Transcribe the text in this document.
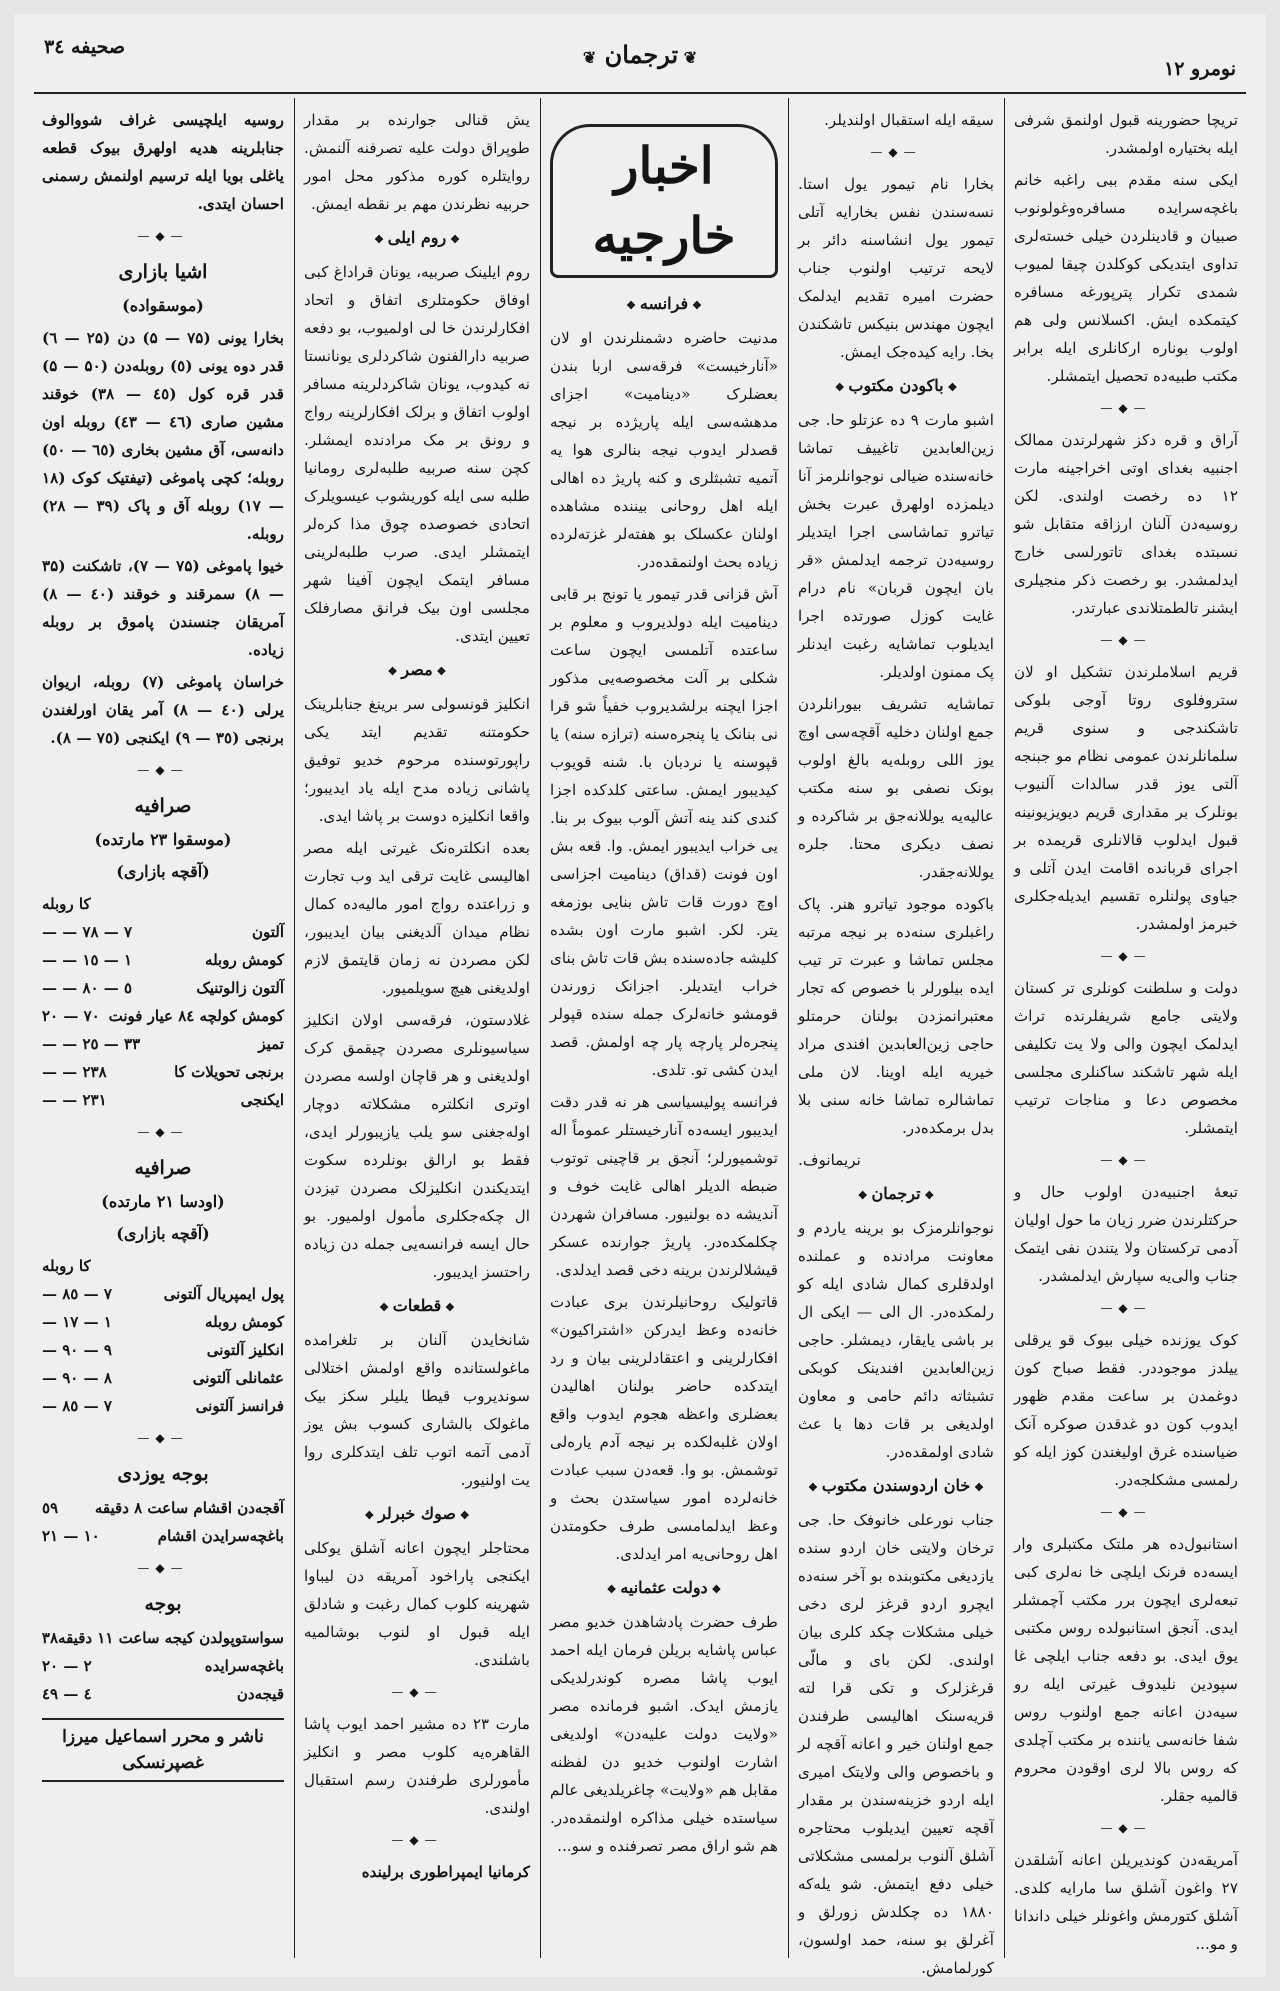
نومرو ۱۲
❦ ترجمان ❦
صحیفه ۳٤

تریچا حضورینه قبول اولنمق شرفی ایله بختیاره اولمشدر.

ایکی سنه مقدم ببی راغبه خانم باغچه‌سرایده مسافره‌وغولونوب صبیان و قادینلردن خیلی خسته‌لری تداوی ایتدیکی کوکلدن چیقا لمیوب شمدی تکرار پترپورغه مسافره کیتمکده ایش. اکسلانس ولی هم اولوب بوناره ارکانلری ایله برابر مکتب طبیه‌ده تحصیل ایتمشلر.

—◆—

آراق و قره دکز شهرلرندن ممالک اجنبیه بغدای اوتی اخراجینه مارت ۱۲ ده رخصت اولندی. لکن روسیه‌دن آلنان ارزاقه متقابل شو نسبتده بغدای تاتورلسی خارج ایدلمشدر. بو رخصت ذکر منجیلری ایشنر تالطمتلاندی عبارتدر.

—◆—

قریم اسلاملرندن تشکیل او لان ستروفلوی روتا آوجی بلوکی تاشکندجی و سنوی قریم سلمانلرندن عمومی نظام مو جبنجه آلتی یوز قدر سالدات آلنیوب بونلرک بر مقداری قریم دیویزیونینه قبول ایدلوب قالانلری قریمده بر اجرای قربانده اقامت ایدن آتلی و جیاوی پولنلره تقسیم ایدیله‌جکلری خبرمز اولمشدر.

—◆—

دولت و سلطنت کونلری تر کستان ولایتی جامع شریفلرنده تراث ایدلمک ایچون والی ولا یت تکلیفی ایله شهر تاشکند ساکنلری مجلسی مخصوص دعا و مناجات ترتیب ایتمشلر.

—◆—

تبعهٔ اجنبیه‌دن اولوب حال و حرکتلرندن ضرر زیان ما حول اولیان آدمی ترکستان ولا یتندن نفی ایتمک جناب والی‌یه سپارش ایدلمشدر.

—◆—

کوک یوزنده خیلی بیوک قو یرقلی ییلدز موجوددر. فقط صباح کون دوغمدن بر ساعت مقدم ظهور ایدوب کون دو غدقدن صوکره آنک ضیاسنده غرق اولیغندن کوز ایله کو رلمسی مشکلجه‌در.

—◆—

استانبول‌ده هر ملتک مکتبلری وار ایسه‌ده فرنک ایلچی خا نه‌لری کبی تبعه‌لری ایچون برر مکتب آچمشلر ایدی. آنجق استانبولده روس مکتبی یوق ایدی. بو دفعه جناب ایلچی غا سپودین نلیدوف غیرتی ایله رو سیه‌دن اعانه جمع اولنوب روس شفا خانه‌سی یاننده بر مکتب آچلدی که روس بالا لری اوقودن محروم قالمیه جقلر.

—◆—

آمریقه‌دن کوندیریلن اعانه آشلقدن ۲۷ واغون آشلق سا مارایه کلدی. آشلق کتورمش واغونلر خیلی داندانا و مو...

سیقه ایله استقبال اولندیلر.

—◆—

بخارا نام تیمور یول استا. نسه‌سندن نفس بخارایه آتلی تیمور یول انشاسنه دائر بر لایحه ترتیب اولنوب جناب حضرت امیره تقدیم ایدلمک ایچون مهندس بنیکس تاشکندن بخا. رایه کیده‌جک ایمش.

❖ باکودن مکتوب ❖

اشبو مارت ۹ ده عزتلو حا. جی زین‌العابدین تاغییف تماشا خانه‌سنده ضیالی نوجوانلرمز آنا دیلمزده اولهرق عبرت بخش تیاترو تماشاسی اجرا ایتدیلر روسیه‌دن ترجمه ایدلمش «قر بان ایچون قربان» نام درام غایت کوزل صورتده اجرا ایدیلوب تماشایه رغبت ایدنلر پک ممنون اولدیلر.

تماشایه تشریف بیورانلردن جمع اولنان دخلیه آقچه‌سی اوچ یوز اللی روبله‌یه بالغ اولوب بونک نصفی بو سنه مکتب عالیه‌یه یوللانه‌جق بر شاکرده و نصف دیکری محتا. جلره یوللانه‌جقدر.

باکوده موجود تیاترو هنر. پاک راغبلری سنه‌ده بر نیجه مرتبه مجلس تماشا و عبرت تر تیب ایده بیلورلر با خصوص که تجار معتبرانمزدن بولنان حرمتلو حاجی زین‌العابدین افندی مراد خیریه ایله اوینا. لان ملی تماشالره تماشا خانه سنی بلا بدل برمکده‌در.

نریمانوف.

❖ ترجمان ❖

نوجوانلرمزک بو برینه یاردم و معاونت مرادنده و عملنده اولدقلری کمال شادی ایله کو رلمکده‌در. ال الی — ایکی ال بر باشی یایقار، دیمشلر. حاجی زین‌العابدین افندینک کوبکی تشبثاته دائم حامی و معاون اولدیغی بر قات دها با عث شادی اولمقده‌در.

❖ خان اردوسندن مکتوب ❖

جناب نورعلی خانوفک حا. جی ترخان ولایتی خان اردو سنده یازدیغی مکتوبنده بو آخر سنه‌ده ایچرو اردو قرغز لری دخی خیلی مشکلات چکد کلری بیان اولندی. لکن بای و مالّی قرغزلرک و تکی قرا لته قریه‌سنک اهالیسی طرفندن جمع اولنان خیر و اعانه آقچه لر و باخصوص والی ولایتک امیری ایله اردو خزینه‌سندن بر مقدار آقچه تعیین ایدیلوب محتاجره آشلق آلنوب برلمسی مشکلاتی خیلی دفع ایتمش. شو یله‌که ۱۸۸۰ ده چکلدش زورلق و آغرلق بو سنه، حمد اولسون، کورلمامش.

اخبار خارجیه
❖ فرانسه ❖

مدنیت حاضره دشمنلرندن او لان «آنارخیست» فرقه‌سی اربا بندن بعضلرک «دینامیت» اجزای مدهشه‌سی ایله پاریژده بر نیجه قصدلر ایدوب نیجه بنالری هوا یه آتمیه تشبثلری و کنه پاریژ ده اهالی ایله اهل روحانی بیننده مشاهده اولنان عکسلک بو هفته‌لر غزته‌لرده زیاده بحث اولنمقده‌در.

آش قزانی قدر تیمور یا تونج بر قابی دینامیت ایله دولدیروب و معلوم بر ساعتده آتلمسی ایچون ساعت شکلی بر آلت مخصوصه‌یی مذکور اجزا ایچنه برلشدیروب خفیاً شو قرا نی بنانک یا پنجره‌سنه (ترازه سنه) یا قپوسنه یا نردبان با. شنه قویوب کیدیبور ایمش. ساعتی کلدکده اجزا کندی کند ینه آتش آلوب بیوک بر بنا. یی خراب ایدیبور ایمش. وا. قعه بش اون فونت (قداق) دینامیت اجزاسی اوچ دورت قات تاش بنایی بوزمغه یتر. لکر. اشبو مارت اون بشده کلیشه جاده‌سنده بش قات تاش بنای خراب ایتدیلر. اجزانک زورندن قومشو خانه‌لرک جمله سنده قپولر پنجره‌لر پارچه پار چه اولمش. قصد ایدن کشی تو. تلدی.

فرانسه پولیسیاسی هر نه قدر دقت ایدیبور ایسه‌ده آنارخیستلر عموماً اله توشمیورلر؛ آنجق بر قاچینی توتوب ضبطه الدیلر اهالی غایت خوف و آندیشه ده بولنیور. مسافران شهردن چکلمکده‌در. پاریژ جوارنده عسکر قیشلالرندن برینه دخی قصد ایدلدی.

قاتولیک روحانیلرندن بری عبادت خانه‌ده وعظ ایدرکن «اشتراکیون» افکارلرینی و اعتقادلرینی بیان و رد ایتدکده حاضر بولنان اهالیدن بعضلری واعظه هجوم ایدوب واقع اولان غلبه‌لکده بر نیجه آدم یارەلی توشمش. بو وا. قعه‌دن سبب عبادت خانه‌لرده امور سیاستدن بحث و وعظ ایدلمامسی طرف حکومتدن اهل روحانی‌یه امر ایدلدی.

❖ دولت عثمانیه ❖

طرف حضرت پادشاهدن خدیو مصر عباس پاشایه بریلن فرمان ایله احمد ایوب پاشا مصره کوندرلدیکی یازمش ایدک. اشبو فرمانده مصر «ولایت دولت علیه‌دن» اولدیغی اشارت اولنوب خدیو دن لفظنه مقابل هم «ولایت» چاغریلدیغی عالم سیاستده خیلی مذاکره اولنمقده‌در. هم شو اراق مصر تصرفنده و سو...

یش قنالی جوارنده بر مقدار طوپراق دولت علیه تصرفنه آلنمش. روایتلره کوره مذکور محل امور حربیه نظرندن مهم بر نقطه ایمش.

❖ روم ایلی ❖

روم ایلینک صربیه، یونان قراداغ کبی اوفاق حکومتلری اتفاق و اتحاد افکارلرندن خا لی اولمیوب، بو دفعه صربیه دارالفنون شاکردلری یونانستا نه کیدوب، یونان شاکردلرینه مسافر اولوب اتفاق و برلک افکارلرینه رواج و رونق بر مک مرادنده ایمشلر. کچن سنه صربیه طلبه‌لری رومانیا طلبه سی ایله کوریشوب عیسویلرک اتحادی خصوصده چوق مذا کره‌لر ایتمشلر ایدی. صرب طلبه‌لرینی مسافر ایتمک ایچون آفینا شهر مجلسی اون بیک فرانق مصارفلک تعیین ایتدی.

❖ مصر ❖

انکلیز قونسولی سر برینغ جنابلرینک حکومتنه تقدیم ایتد یکی راپورتوسنده مرحوم خدیو توفیق پاشانی زیاده مدح ایله یاد ایدیبور؛ واقعا انکلیزه دوست بر پاشا ایدی.

بعده انکلترەنک غیرتی ایله مصر اهالیسی غایت ترقی اید وب تجارت و زراعتده رواج امور مالیه‌ده کمال نظام میدان آلدیغنی بیان ایدیبور، لکن مصردن نه زمان قایتمق لازم اولدیغنی هیچ سویلمیور.

غلادستون، فرقه‌سی اولان انکلیز سیاسیونلری مصردن چیقمق کرک اولدیغنی و هر قاچان اولسه مصردن اوتری انکلترە مشکلاته دوچار اوله‌جغنی سو یلب یازیبورلر ایدی، فقط بو ارالق بونلرده سکوت ایتدیکندن انکلیزلک مصردن تیزدن ال چکه‌جکلری مأمول اولمیور. بو حال ایسه فرانسه‌یی جمله دن زیاده راحتسز ایدیبور.

❖ قطعات ❖

شانخایدن آلنان بر تلغرامده ماغولستانده واقع اولمش اختلالی سوندیروب قیطا یلیلر سکز بیک ماغولک بالشاری کسوب بش یوز آدمی آتمه اتوب تلف ایتدکلری روا یت اولنیور.

❖ صوك خبرلر ❖

محتاجلر ایچون اعانه آشلق یوکلی ایکنجی پاراخود آمریقه دن لیباوا شهرینه کلوب کمال رغبت و شادلق ایله قبول او لنوب بوشالمیه باشلندی.

—◆—

مارت ۲۳ ده مشیر احمد ایوب پاشا القاهره‌یه کلوب مصر و انکلیز مأمورلری طرفندن رسم استقبال اولندی.

—◆—

کرمانیا ایمپراطوری برلینده

روسیه ایلچیسی غراف شووالوف جنابلرینه هدیه اولهرق بیوک قطعه یاغلی بویا ایله ترسیم اولنمش رسمنی احسان ایتدی.

—◆—
اشیا بازاری
(موسقواده)

بخارا یونی (۷۵ — ۵) دن (۲۵ — ٦) قدر دوه یونی (٥) روبله‌دن (۵۰ — ۵) قدر قره کول (٤٥ — ۳۸) خوقند مشین صاری (٤٦ — ٤٣) روبله اون دانه‌سی، آق مشین بخاری (٦٥ — ٥٠) روبله؛ کچی پاموغی (تیفتیک کوک (۱۸ — ۱۷) روبله آق و پاک (۳۹ — ۲۸) روبله.

خیوا پاموغی (۷۵ — ۷)، تاشکنت (۳۵ — ۸) سمرقند و خوقند (٤٠ — ٨) آمریقان جنسندن پاموق بر روبله زیاده.

خراسان پاموغی (۷) روبله، اریوان یرلی (٤٠ — ٨) آمر یقان اورلغندن برنجی (۳٥ — ۹) ایکنجی (۷٥ — ۸).

—◆—
صرافیه
(موسقوا ۲۳ مارتده)
(آقچه بازاری)
کا روبله
آلتون
٧ — ٧٨ — —
کومش روبله
١ — ١٥ — —
آلتون زالوتنیک
٥ — ٨٠ — —
کومش کولچه ۸٤ عیار فونت
۷۰ — ۲۰
تمیز
٣٣ — ٢٥ — —
برنجی تحویلات کا
٢٣٨ — —
ایکنجی
٢٣١ — —
—◆—
صرافیه
(اودسا ۲۱ مارتده)
(آقچه بازاری)
کا روبله
پول ایمپریال آلتونی
٧ — ٨٥ —
کومش روبله
١ — ١٧ —
انکلیز آلتونی
٩ — ٩٠ —
عثمانلی آلتونی
٨ — ٩٠ —
فرانسز آلتونی
٧ — ٨٥ —
—◆—
بوجه یوزدی
آقجه‌دن اقشام ساعت ۸ دقیقه
٥٩
باغچه‌سرایدن اقشام
۱۰ — ۲۱
—◆—
بوجه
سواستوپولدن کیجه ساعت ۱۱ دقیقه
۳۸
باغچه‌سرایده
۲ — ۲۰
قیجه‌دن
٤ — ٤٩
ناشر و محرر اسماعیل میرزا غصپرنسکی
